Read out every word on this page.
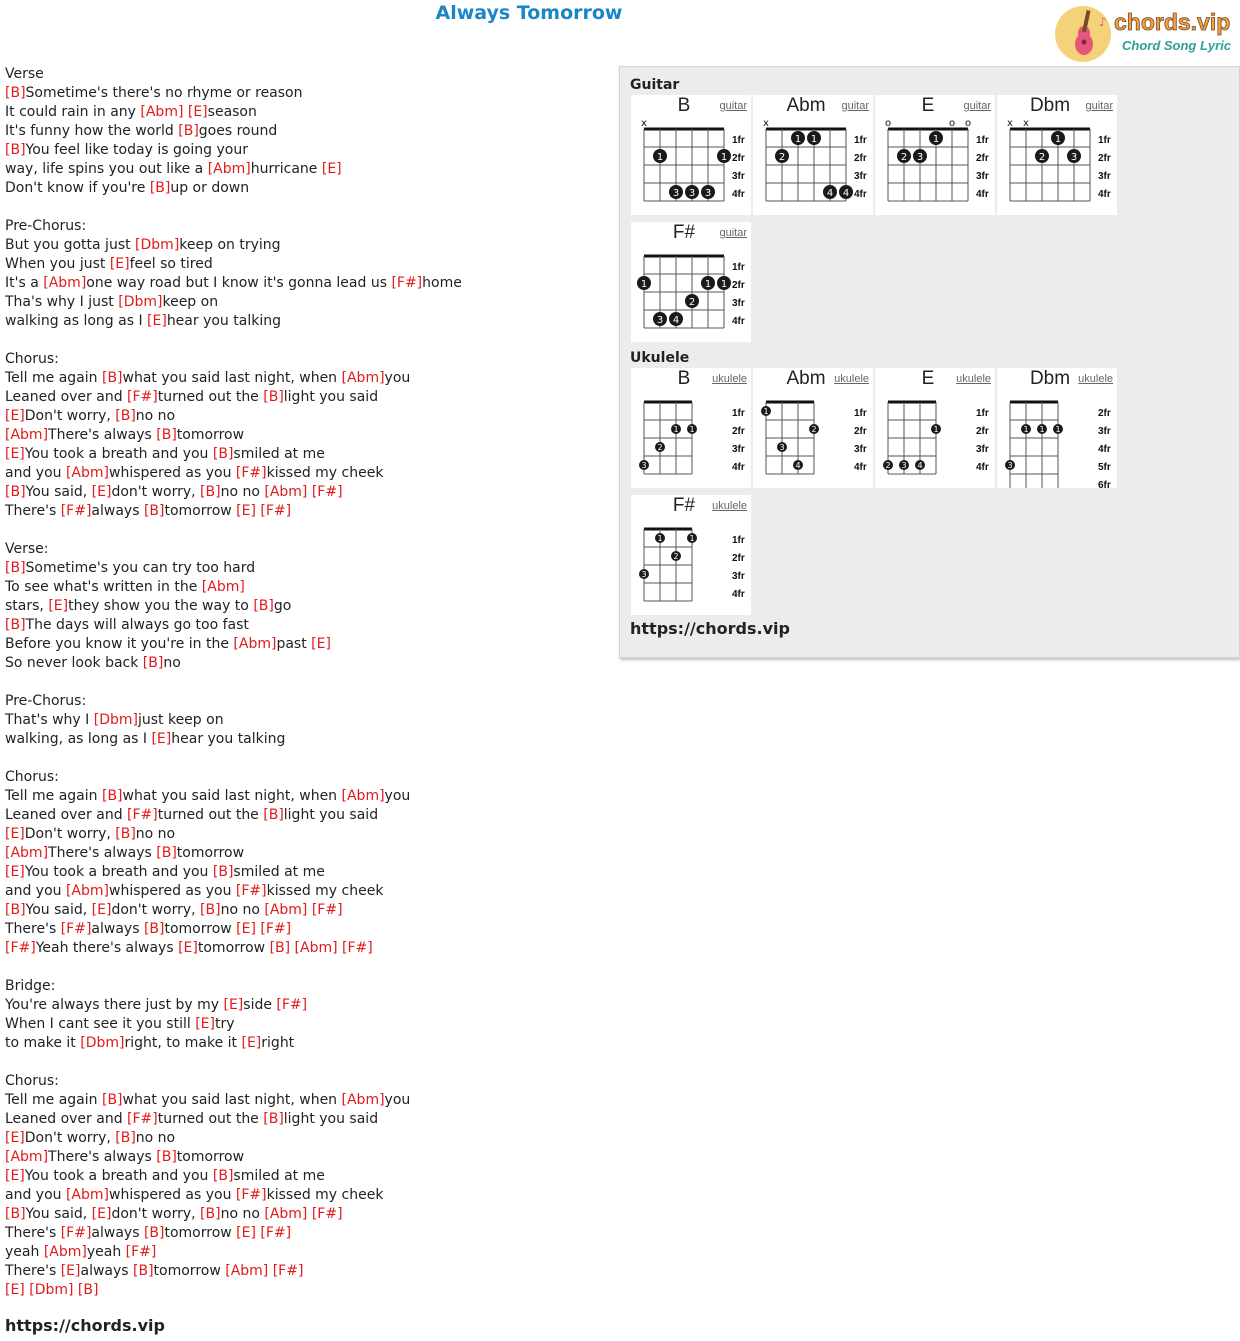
Always Tomorrow	♪ chords.vip
Chord Song Lyric
Verse
[B]Sometime's there's no rhyme or reason
It could rain in any [Abm] [E]season
It's funny how the world [B]goes round
[B]You feel like today is going your
way, life spins you out like a [Abm]hurricane [E]
Don't know if you're [B]up or down
Pre-Chorus:
But you gotta just [Dbm]keep on trying
When you just [E]feel so tired
It's a [Abm]one way road but I know it's gonna lead us [F#]home
Tha's why I just [Dbm]keep on
walking as long as I [E]hear you talking
Chorus:
Tell me again [B]what you said last night, when [Abm]you
Leaned over and [F#]turned out the [B]light you said
[E]Don't worry, [B]no no
[Abm]There's always [B]tomorrow
[E]You took a breath and you [B]smiled at me
and you [Abm]whispered as you [F#]kissed my cheek
[B]You said, [E]don't worry, [B]no no [Abm] [F#]
There's [F#]always [B]tomorrow [E] [F#]
Verse:
[B]Sometime's you can try too hard
To see what's written in the [Abm]
stars, [E]they show you the way to [B]go
[B]The days will always go too fast
Before you know it you're in the [Abm]past [E]
So never look back [B]no
Pre-Chorus:
That's why I [Dbm]just keep on
walking, as long as I [E]hear you talking
Chorus:
Tell me again [B]what you said last night, when [Abm]you
Leaned over and [F#]turned out the [B]light you said
[E]Don't worry, [B]no no
[Abm]There's always [B]tomorrow
[E]You took a breath and you [B]smiled at me
and you [Abm]whispered as you [F#]kissed my cheek
[B]You said, [E]don't worry, [B]no no [Abm] [F#]
There's [F#]always [B]tomorrow [E] [F#]
[F#]Yeah there's always [E]tomorrow [B] [Abm] [F#]
Bridge:
You're always there just by my [E]side [F#]
When I cant see it you still [E]try
to make it [Dbm]right, to make it [E]right
Chorus:
Tell me again [B]what you said last night, when [Abm]you
Leaned over and [F#]turned out the [B]light you said
[E]Don't worry, [B]no no
[Abm]There's always [B]tomorrow
[E]You took a breath and you [B]smiled at me
and you [Abm]whispered as you [F#]kissed my cheek
[B]You said, [E]don't worry, [B]no no [Abm] [F#]
There's [F#]always [B]tomorrow [E] [F#]
yeah [Abm]yeah [F#]
There's [E]always [B]tomorrow [Abm] [F#]
[E] [Dbm] [B]
https://chords.vip
Guitar
B	guitar
1fr
2fr
3fr
4fr
x
1	1
3 3 3
Abm	guitar
1fr
2fr
3fr
4fr
x
1 1
2
4 4
E	guitar
1fr
2fr
3fr
4fr
o	o o
1
2 3
Dbm	guitar
1fr
2fr
3fr
4fr
x x
1
2	3
F#	guitar
1fr
2fr
3fr
4fr
1	1 1
2
3 4
Ukulele
B	ukulele
1fr
2fr
3fr
4fr
1 1
2
3
Abm ukulele
1fr
2fr
3fr
4fr
1
2
3
4
E	ukulele
1fr
2fr
3fr
4fr
1
2 3 4
Dbm ukulele
2fr
3fr
4fr
5fr
6fr
1 1 1
3
F#	ukulele
1fr
2fr
3fr
4fr
1	1
2
3
https://chords.vip
